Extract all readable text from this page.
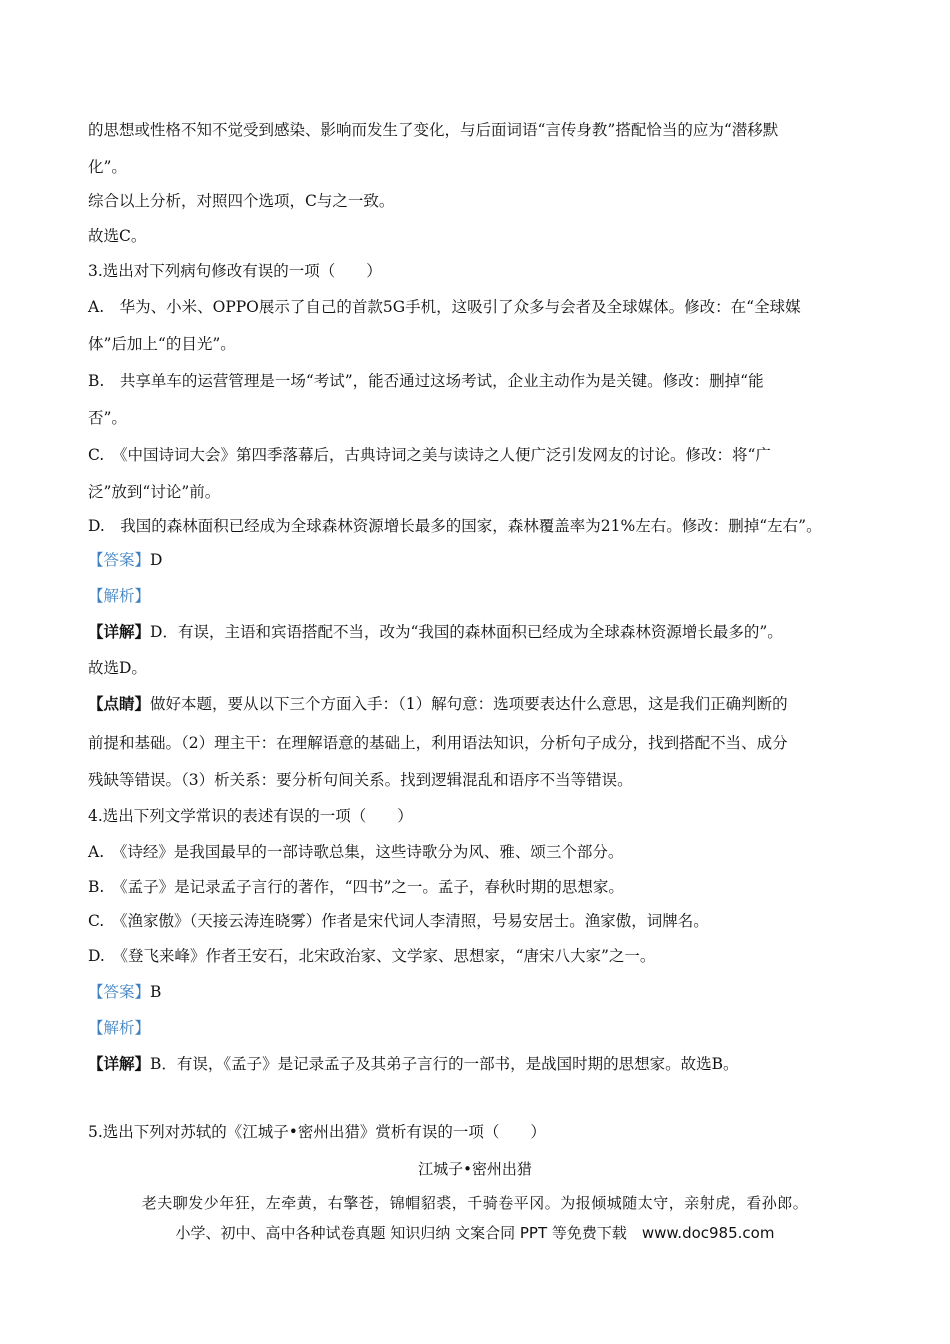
的思想或性格不知不觉受到感染、影响而发生了变化，与后面词语“言传身教”搭配恰当的应为“潜移默
化”。
综合以上分析，对照四个选项，C与之一致。
故选C。
3.选出对下列病句修改有误的一项（　　）
A.　华为、小米、OPPO展示了自己的首款5G手机，这吸引了众多与会者及全球媒体。修改：在“全球媒
体”后加上“的目光”。
B.　共享单车的运营管理是一场“考试”，能否通过这场考试，企业主动作为是关键。修改：删掉“能
否”。
C.　《中国诗词大会》第四季落幕后，古典诗词之美与读诗之人便广泛引发网友的讨论。修改：将“广
泛”放到“讨论”前。
D.　我国的森林面积已经成为全球森林资源增长最多的国家，森林覆盖率为21%左右。修改：删掉“左右”。
【答案】D
【解析】
【详解】D．有误，主语和宾语搭配不当，改为“我国的森林面积已经成为全球森林资源增长最多的”。
故选D。
【点睛】做好本题，要从以下三个方面入手：（1）解句意：选项要表达什么意思，这是我们正确判断的
前提和基础。（2）理主干：在理解语意的基础上，利用语法知识，分析句子成分，找到搭配不当、成分
残缺等错误。（3）析关系：要分析句间关系。找到逻辑混乱和语序不当等错误。
4.选出下列文学常识的表述有误的一项（　　）
A.　《诗经》是我国最早的一部诗歌总集，这些诗歌分为风、雅、颂三个部分。
B.　《孟子》是记录孟子言行的著作，“四书”之一。孟子，春秋时期的思想家。
C.　《渔家傲》（天接云涛连晓雾）作者是宋代词人李清照，号易安居士。渔家傲，词牌名。
D.　《登飞来峰》作者王安石，北宋政治家、文学家、思想家，“唐宋八大家”之一。
【答案】B
【解析】
【详解】B．有误，《孟子》是记录孟子及其弟子言行的一部书，是战国时期的思想家。故选B。
5.选出下列对苏轼的《江城子•密州出猎》赏析有误的一项（　　）
江城子•密州出猎
老夫聊发少年狂，左牵黄，右擎苍，锦帽貂裘，千骑卷平冈。为报倾城随太守，亲射虎，看孙郎。
小学、初中、高中各种试卷真题 知识归纳 文案合同 PPT 等免费下载　www.doc985.com
